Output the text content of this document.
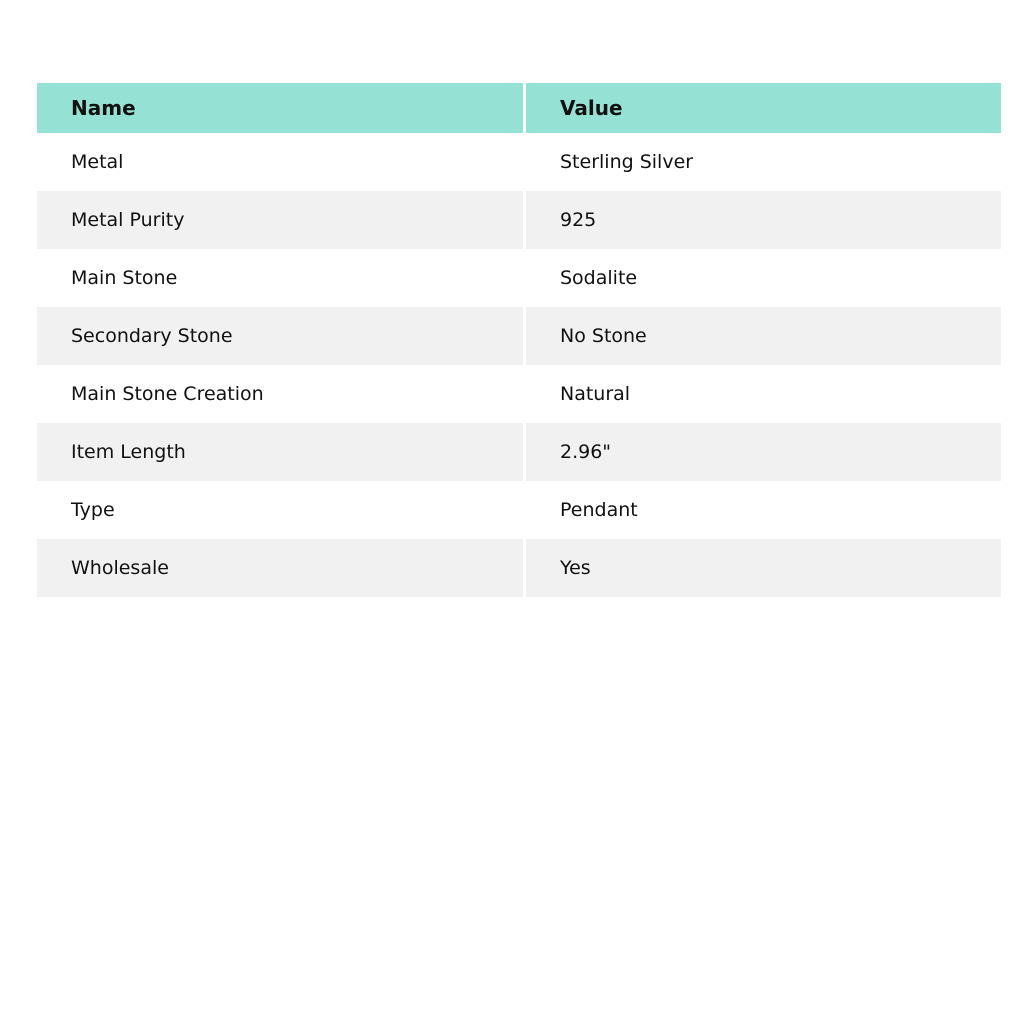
Name	Value
Metal	Sterling Silver
Metal Purity	925
Main Stone	Sodalite
Secondary Stone	No Stone
Main Stone Creation	Natural
Item Length	2.96"
Type	Pendant
Wholesale	Yes
